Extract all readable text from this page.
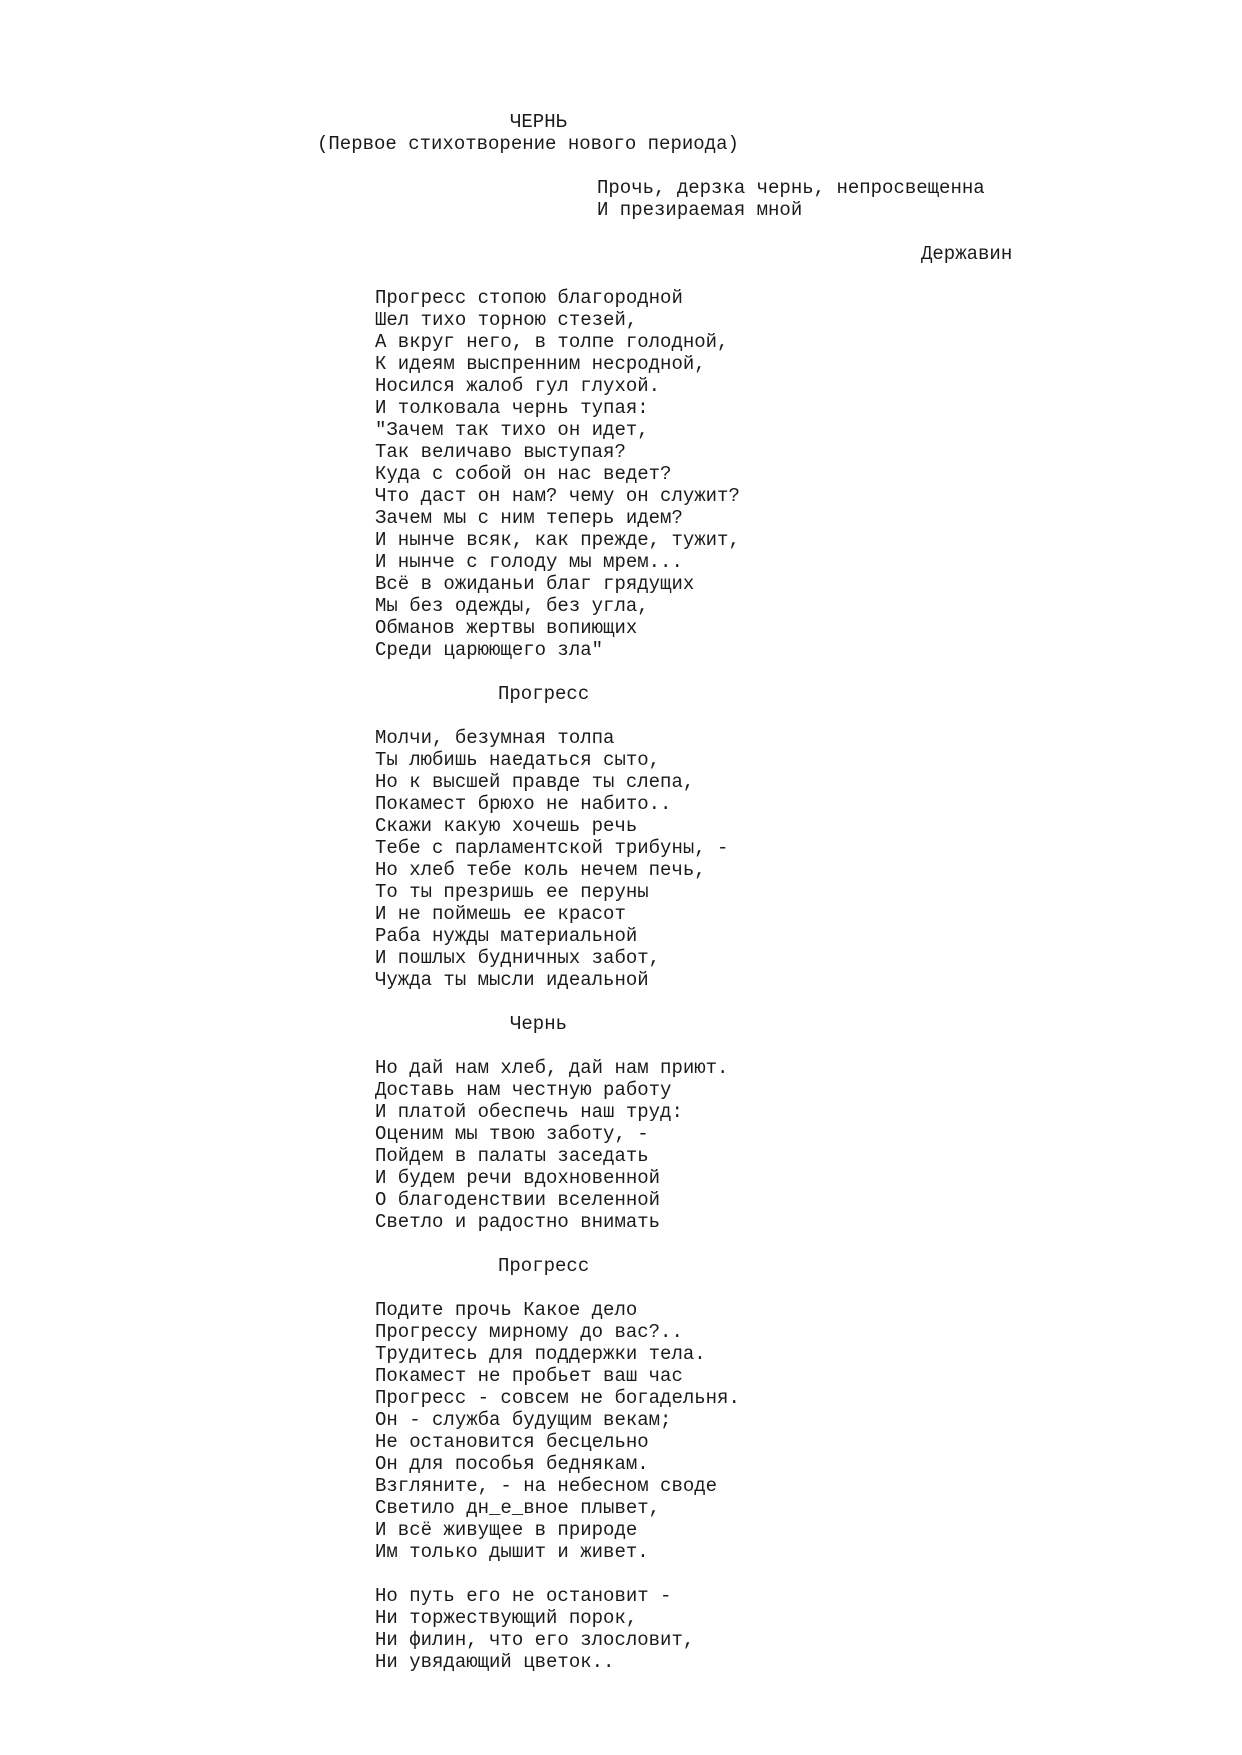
ЧЕРНЬ
(Первое стихотворение нового периода)
Прочь, дерзка чернь, непросвещенна
И презираемая мной
Державин
Прогресс стопою благородной
Шел тихо торною стезей,
А вкруг него, в толпе голодной,
К идеям выспренним несродной,
Носился жалоб гул глухой.
И толковала чернь тупая:
"Зачем так тихо он идет,
Так величаво выступая?
Куда с собой он нас ведет?
Что даст он нам? чему он служит?
Зачем мы с ним теперь идем?
И нынче всяк, как прежде, тужит,
И нынче с голоду мы мрем...
Всё в ожиданьи благ грядущих
Мы без одежды, без угла,
Обманов жертвы вопиющих
Среди царюющего зла"
Прогресс
Молчи, безумная толпа
Ты любишь наедаться сыто,
Но к высшей правде ты слепа,
Покамест брюхо не набито..
Скажи какую хочешь речь
Тебе с парламентской трибуны, -
Но хлеб тебе коль нечем печь,
То ты презришь ее перуны
И не поймешь ее красот
Раба нужды материальной
И пошлых будничных забот,
Чужда ты мысли идеальной
Чернь
Но дай нам хлеб, дай нам приют.
Доставь нам честную работу
И платой обеспечь наш труд:
Оценим мы твою заботу, -
Пойдем в палаты заседать
И будем речи вдохновенной
О благоденствии вселенной
Светло и радостно внимать
Прогресс
Подите прочь Какое дело
Прогрессу мирному до вас?..
Трудитесь для поддержки тела.
Покамест не пробьет ваш час
Прогресс - совсем не богадельня.
Он - служба будущим векам;
Не остановится бесцельно
Он для пособья беднякам.
Взгляните, - на небесном своде
Светило дн_е_вное плывет,
И всё живущее в природе
Им только дышит и живет.
Но путь его не остановит -
Ни торжествующий порок,
Ни филин, что его злословит,
Ни увядающий цветок..
